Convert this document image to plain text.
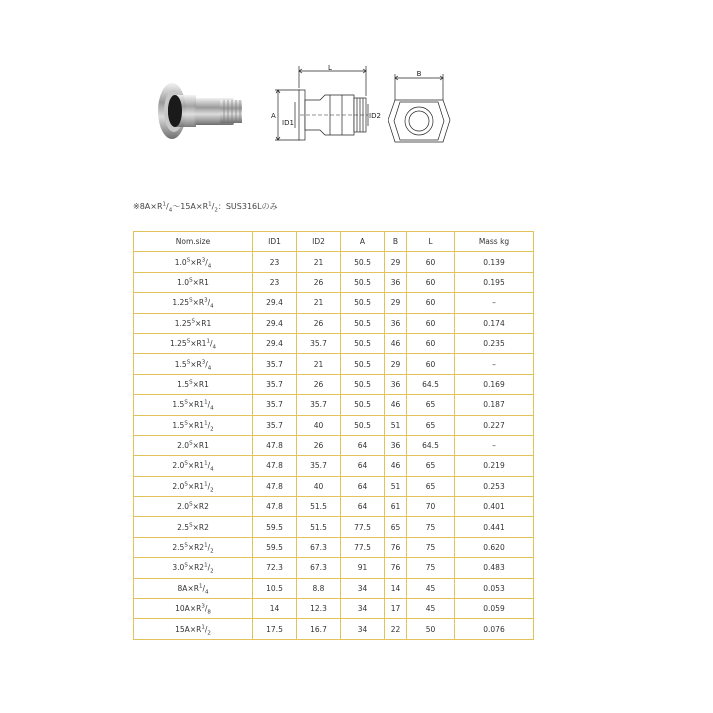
L
A
ID1
ID2
B
$※8A\times R^1/_4\sim 15A\times R^1/_2$：SUS316Lのみ
Nom.size	ID1	ID2	A	B	L	Mass kg
$1.0^S\times R^3/_4$	23	21	50.5	29	60	0.139
$1.0^S\times R1$	23	26	50.5	36	60	0.195
$1.25^S\times R^3/_4$	29.4	21	50.5	29	60	–
$1.25^S\times R1$	29.4	26	50.5	36	60	0.174
$1.25^S\times R1^1/_4$	29.4	35.7	50.5	46	60	0.235
$1.5^S\times R^3/_4$	35.7	21	50.5	29	60	–
$1.5^S\times R1$	35.7	26	50.5	36	64.5	0.169
$1.5^S\times R1^1/_4$	35.7	35.7	50.5	46	65	0.187
$1.5^S\times R1^1/_2$	35.7	40	50.5	51	65	0.227
$2.0^S\times R1$	47.8	26	64	36	64.5	–
$2.0^S\times R1^1/_4$	47.8	35.7	64	46	65	0.219
$2.0^S\times R1^1/_2$	47.8	40	64	51	65	0.253
$2.0^S\times R2$	47.8	51.5	64	61	70	0.401
$2.5^S\times R2$	59.5	51.5	77.5	65	75	0.441
$2.5^S\times R2^1/_2$	59.5	67.3	77.5	76	75	0.620
$3.0^S\times R2^1/_2$	72.3	67.3	91	76	75	0.483
$8A\times R^1/_4$	10.5	8.8	34	14	45	0.053
$10A\times R^3/_8$	14	12.3	34	17	45	0.059
$15A\times R^1/_2$	17.5	16.7	34	22	50	0.076
